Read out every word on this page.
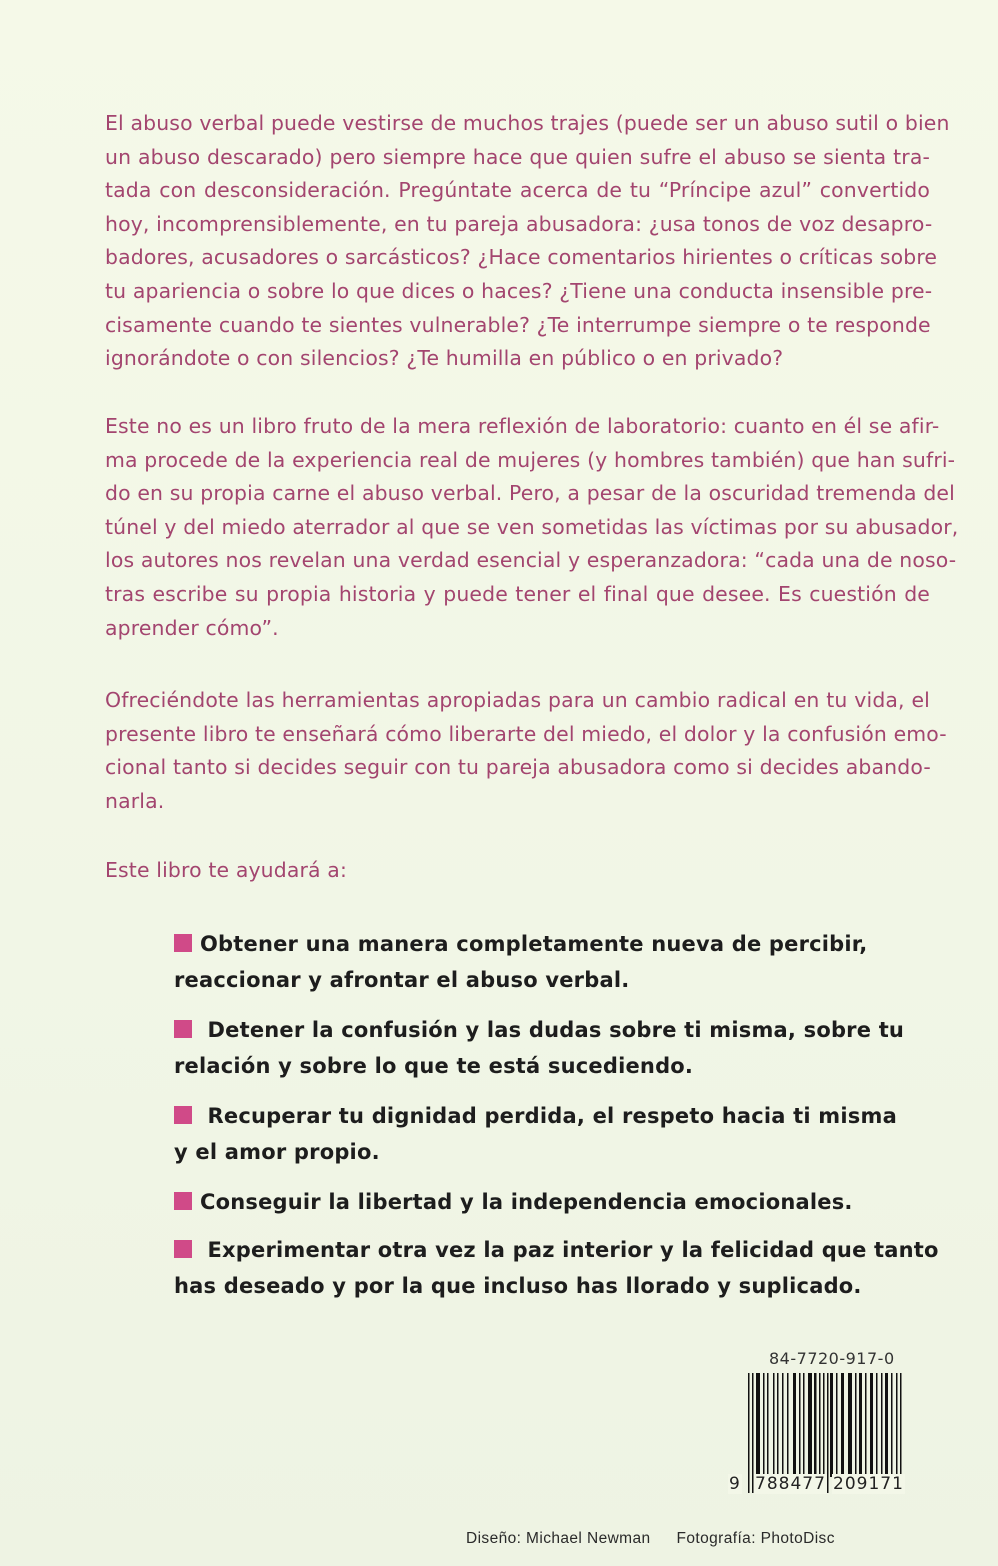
El abuso verbal puede vestirse de muchos trajes (puede ser un abuso sutil o bien
un abuso descarado) pero siempre hace que quien sufre el abuso se sienta tra-
tada con desconsideración. Pregúntate acerca de tu “Príncipe azul” convertido
hoy, incomprensiblemente, en tu pareja abusadora: ¿usa tonos de voz desapro-
badores, acusadores o sarcásticos? ¿Hace comentarios hirientes o críticas sobre
tu apariencia o sobre lo que dices o haces? ¿Tiene una conducta insensible pre-
cisamente cuando te sientes vulnerable? ¿Te interrumpe siempre o te responde
ignorándote o con silencios? ¿Te humilla en público o en privado?
Este no es un libro fruto de la mera reflexión de laboratorio: cuanto en él se afir-
ma procede de la experiencia real de mujeres (y hombres también) que han sufri-
do en su propia carne el abuso verbal. Pero, a pesar de la oscuridad tremenda del
túnel y del miedo aterrador al que se ven sometidas las víctimas por su abusador,
los autores nos revelan una verdad esencial y esperanzadora: “cada una de noso-
tras escribe su propia historia y puede tener el final que desee. Es cuestión de
aprender cómo”.
Ofreciéndote las herramientas apropiadas para un cambio radical en tu vida, el
presente libro te enseñará cómo liberarte del miedo, el dolor y la confusión emo-
cional tanto si decides seguir con tu pareja abusadora como si decides abando-
narla.
Este libro te ayudará a:
Obtener una manera completamente nueva de percibir,
reaccionar y afrontar el abuso verbal.
Detener la confusión y las dudas sobre ti misma, sobre tu
relación y sobre lo que te está sucediendo.
Recuperar tu dignidad perdida, el respeto hacia ti misma
y el amor propio.
Conseguir la libertad y la independencia emocionales.
Experimentar otra vez la paz interior y la felicidad que tanto
has deseado y por la que incluso has llorado y suplicado.
84-7720-917-0
9 788477 209171
Diseño: Michael Newman Fotografía: PhotoDisc
